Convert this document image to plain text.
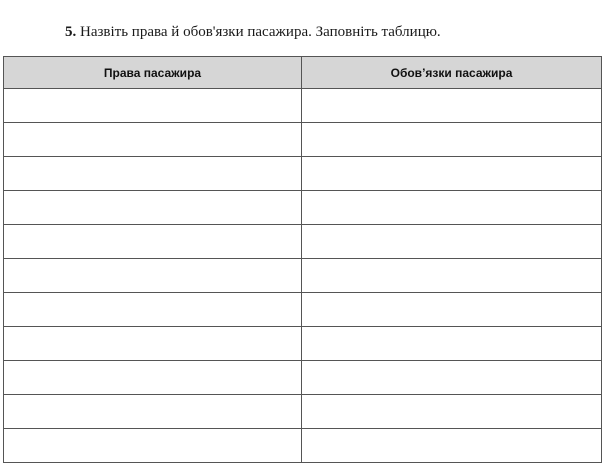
5. Назвіть права й обов'язки пасажира. Заповніть таблицю.
Права пасажира	Обов’язки пасажира
